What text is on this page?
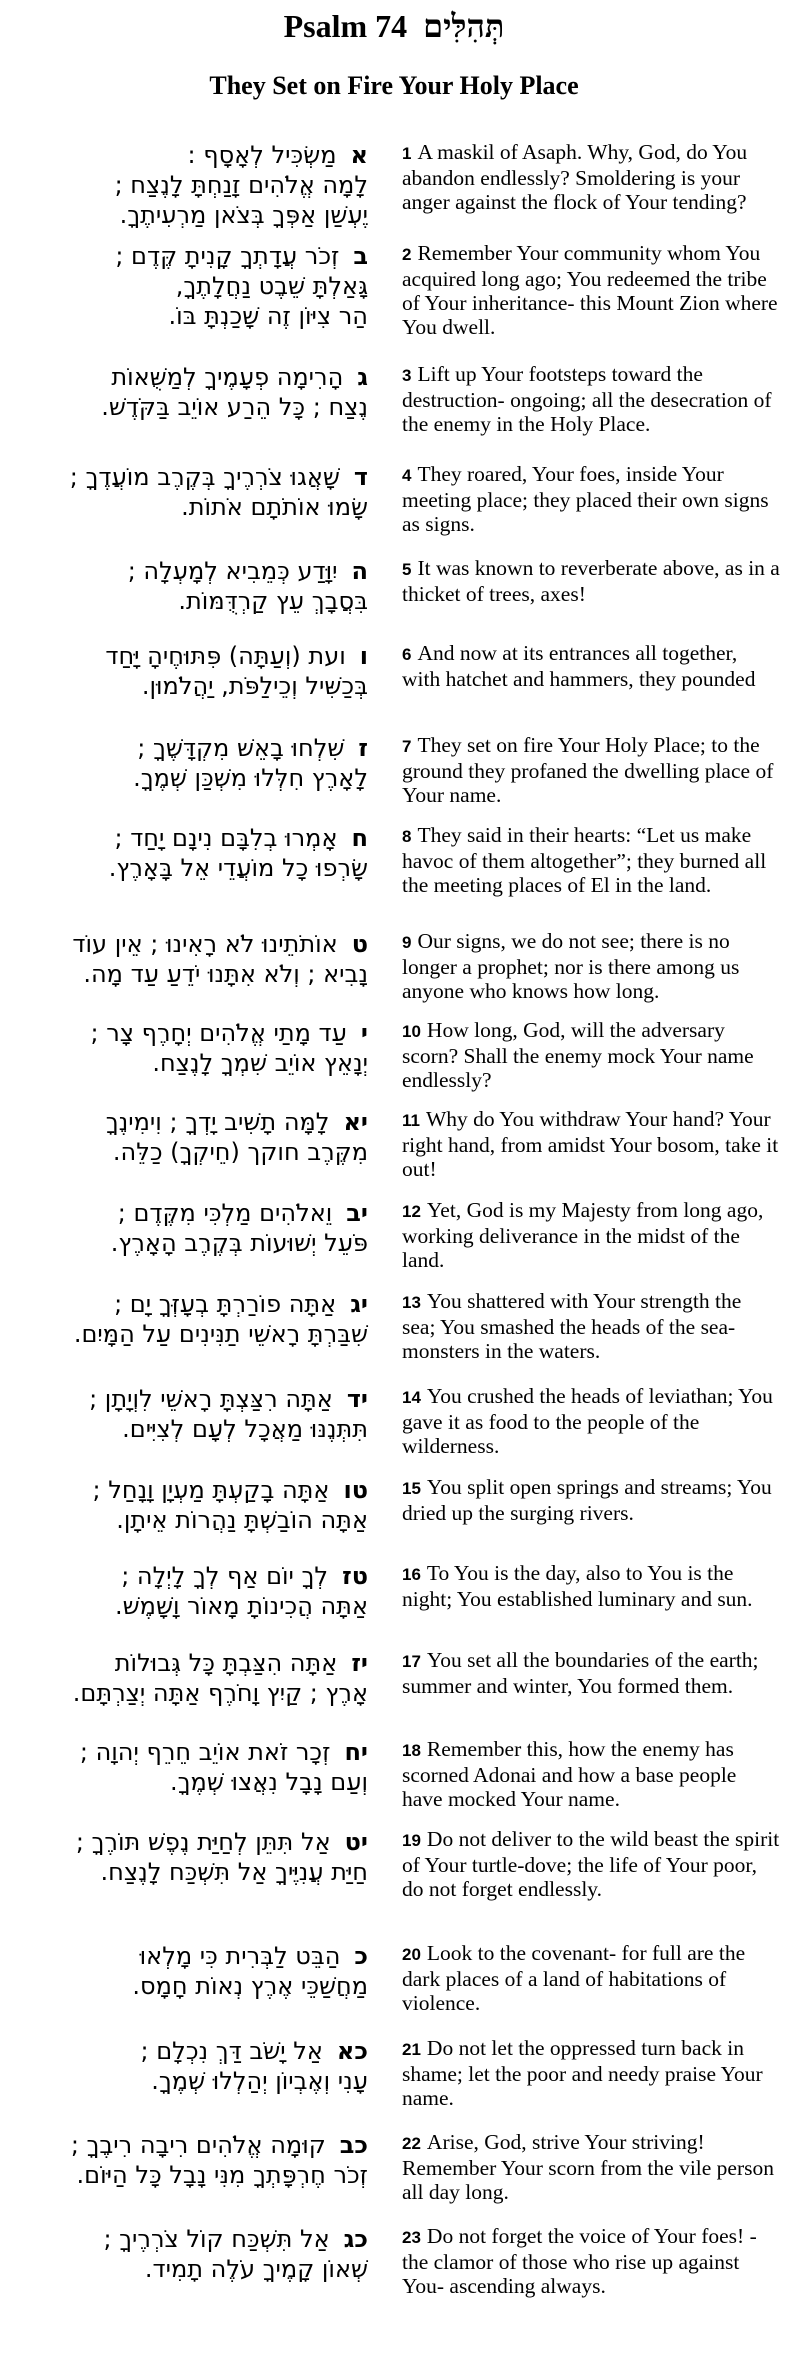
Psalm 74 תְּהִלִּים
They Set on Fire Your Holy Place
אמַשְׂכִּיל לְאָסָף :
לָמָה אֱלֹהִים זָנַחְתָּ לָנֶצַח ;
יֶעְשַׁן אַפְּךָ בְּצֹאן מַרְעִיתֶךָ.
1 A maskil of Asaph. Why, God, do You abandon endlessly? Smoldering is your anger against the flock of Your tending?
בזְכֹר עֲדָתְךָ קָנִיתָ קֶּדֶם ;
גָּאַלְתָּ שֵׁבֶט נַחֲלָתֶךָ,
הַר צִיּוֹן זֶה שָׁכַנְתָּ בּוֹ.
2 Remember Your community whom You acquired long ago; You redeemed the tribe of Your inheritance- this Mount Zion where You dwell.
גהָרִימָה פְעָמֶיךָ לְמַשֻּׁאוֹת
נֶצַח ; כָּל הֵרַע אוֹיֵב בַּקֹּדֶשׁ.
3 Lift up Your footsteps toward the destruction- ongoing; all the desecration of the enemy in the Holy Place.
דשָׁאֲגוּ צֹרְרֶיךָ בְּקֶרֶב מוֹעֲדֶךָ ;
שָׂמוּ אוֹתֹתָם אֹתוֹת.
4 They roared, Your foes, inside Your meeting place; they placed their own signs as signs.
היִוָּדַע כְּמֵבִיא לְמָעְלָה ;
בִּסֲבָךְ עֵץ קַרְדֻּמּוֹת.
5 It was known to reverberate above, as in a thicket of trees, axes!
וועת (וְעַתָּה) פִּתּוּחֶיהָ יָּחַד
בְּכַשִּׁיל וְכֵילַפֹּת, יַהֲלֹמוּן.
6 And now at its entrances all together, with hatchet and hammers, they pounded
זשִׁלְחוּ בָאֵשׁ מִקְדָּשֶׁךָ ;
לָאָרֶץ חִלְּלוּ מִשְׁכַּן שְׁמֶךָ.
7 They set on fire Your Holy Place; to the ground they profaned the dwelling place of Your name.
חאָמְרוּ בְלִבָּם נִינָם יָחַד ;
שָׂרְפוּ כָל מוֹעֲדֵי אֵל בָּאָרֶץ.
8 They said in their hearts: “Let us make havoc of them altogether”; they burned all the meeting places of El in the land.
טאוֹתֹתֵינוּ לֹא רָאִינוּ ; אֵין עוֹד
נָבִיא ; וְלֹא אִתָּנוּ יֹדֵעַ עַד מָה.
9 Our signs, we do not see; there is no longer a prophet; nor is there among us anyone who knows how long.
יעַד מָתַי אֱלֹהִים יְחָרֶף צָר ;
יְנָאֵץ אוֹיֵב שִׁמְךָ לָנֶצַח.
10 How long, God, will the adversary scorn? Shall the enemy mock Your name endlessly?
יאלָמָּה תָשִׁיב יָדְךָ ; וִימִינֶךָ
מִקֶּרֶב חוקך (חֵיקְךָ) כַלֵּה.
11 Why do You withdraw Your hand? Your right hand, from amidst Your bosom, take it out!
יבוֵאלֹהִים מַלְכִּי מִקֶּדֶם ;
פֹּעֵל יְשׁוּעוֹת בְּקֶרֶב הָאָרֶץ.
12 Yet, God is my Majesty from long ago, working deliverance in the midst of the land.
יגאַתָּה פוֹרַרְתָּ בְעָזְּךָ יָם ;
שִׁבַּרְתָּ רָאשֵׁי תַנִּינִים עַל הַמָּיִם.
13 You shattered with Your strength the sea; You smashed the heads of the sea-monsters in the waters.
ידאַתָּה רִצַּצְתָּ רָאשֵׁי לִוְיָתָן ;
תִּתְּנֶנּוּ מַאֲכָל לְעָם לְצִיִּים.
14 You crushed the heads of leviathan; You gave it as food to the people of the wilderness.
טואַתָּה בָקַעְתָּ מַעְיָן וָנָחַל ;
אַתָּה הוֹבַשְׁתָּ נַהֲרוֹת אֵיתָן.
15 You split open springs and streams; You dried up the surging rivers.
טזלְךָ יוֹם אַף לְךָ לָיְלָה ;
אַתָּה הֲכִינוֹתָ מָאוֹר וָשָׁמֶשׁ.
16 To You is the day, also to You is the night; You established luminary and sun.
יזאַתָּה הִצַּבְתָּ כָּל גְּבוּלוֹת
אָרֶץ ; קַיִץ וָחֹרֶף אַתָּה יְצַרְתָּם.
17 You set all the boundaries of the earth; summer and winter, You formed them.
יחזְכָר זֹאת אוֹיֵב חֵרֵף יְהוָה ;
וְעַם נָבָל נִאֲצוּ שְׁמֶךָ.
18 Remember this, how the enemy has scorned Adonai and how a base people have mocked Your name.
יטאַל תִּתֵּן לְחַיַּת נֶפֶשׁ תּוֹרֶךָ ;
חַיַּת עֲנִיֶּיךָ אַל תִּשְׁכַּח לָנֶצַח.
19 Do not deliver to the wild beast the spirit of Your turtle-dove; the life of Your poor, do not forget endlessly.
כהַבֵּט לַבְּרִית כִּי מָלְאוּ
מַחֲשַׁכֵּי אֶרֶץ נְאוֹת חָמָס.
20 Look to the covenant- for full are the dark places of a land of habitations of violence.
כאאַל יָשֹׁב דַּךְ נִכְלָם ;
עָנִי וְאֶבְיוֹן יְהַלְלוּ שְׁמֶךָ.
21 Do not let the oppressed turn back in shame; let the poor and needy praise Your name.
כבקוּמָה אֱלֹהִים רִיבָה רִיבֶךָ ;
זְכֹר חֶרְפָּתְךָ מִנִּי נָבָל כָּל הַיּוֹם.
22 Arise, God, strive Your striving! Remember Your scorn from the vile person all day long.
כגאַל תִּשְׁכַּח קוֹל צֹרְרֶיךָ ;
שְׁאוֹן קָמֶיךָ עֹלֶה תָמִיד.
23 Do not forget the voice of Your foes! - the clamor of those who rise up against You- ascending always.
